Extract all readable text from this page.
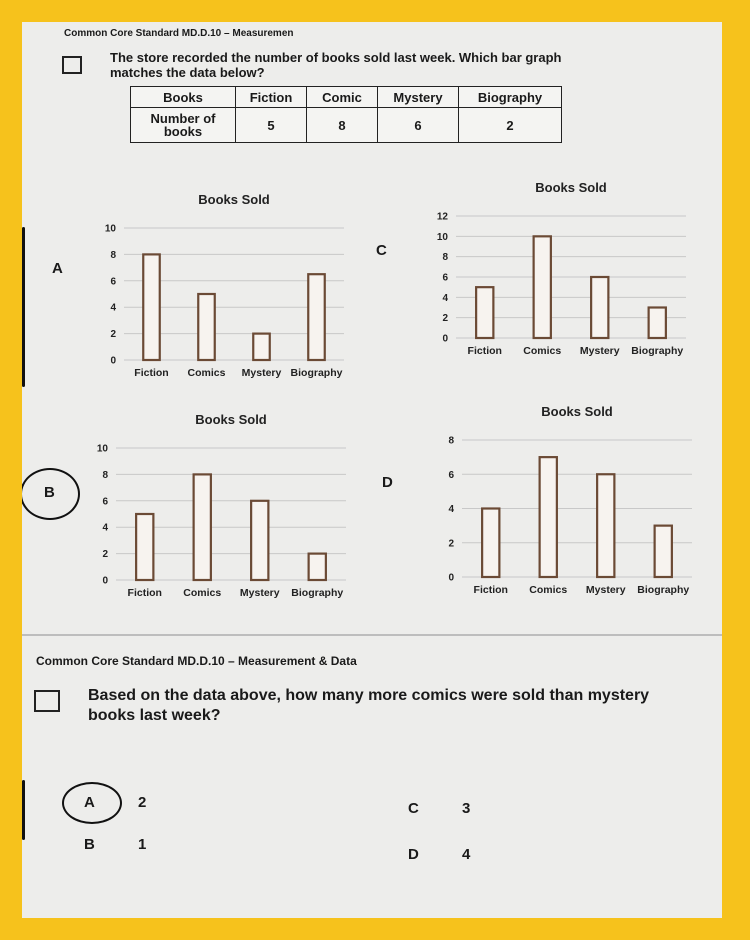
Common Core Standard MD.D.10 – Measuremen
The store recorded the number of books sold last week. Which bar graph
matches the data below?
Books	Fiction	Comic	Mystery	Biography
Number of
books	5	8	6	2
A
B
C
D
Books Sold
0
2
4
6
8
10
Fiction Comics Mystery Biography
Books Sold
0
2
4
6
8
10
12
Fiction Comics Mystery Biography
Books Sold
0
2
4
6
8
10
Fiction Comics Mystery Biography
Books Sold
0
2
4
6
8
Fiction Comics Mystery Biography
Common Core Standard MD.D.10 – Measurement & Data
Based on the data above, how many more comics were sold than mystery
books last week?
A	2
B	1
C	3
D	4
